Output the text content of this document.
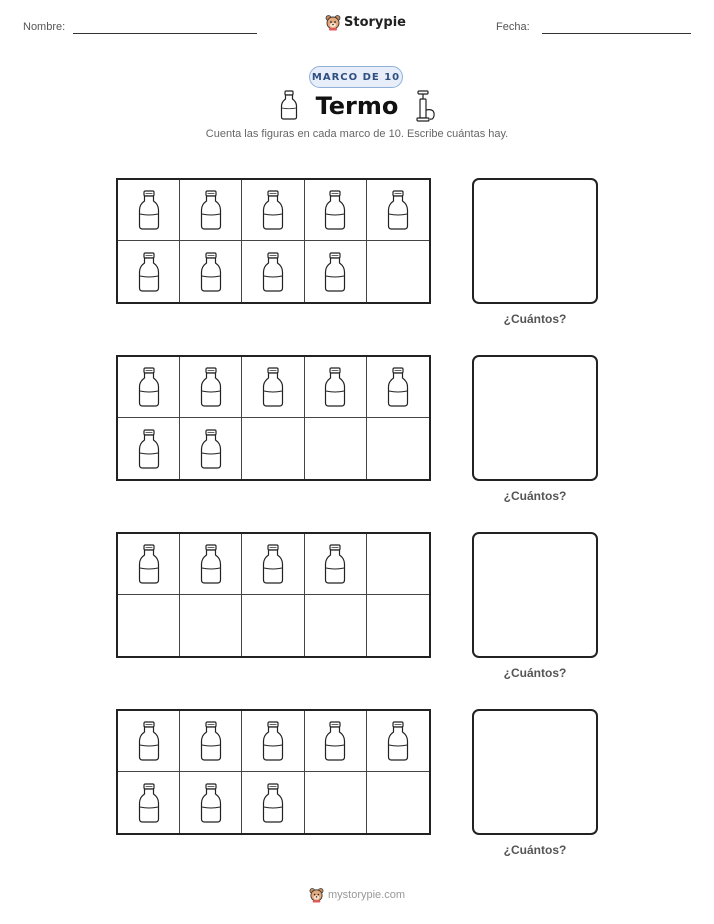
Nombre:	Storypie	Fecha:
MARCO DE 10
Termo
Cuenta las figuras en cada marco de 10. Escribe cuántas hay.
¿Cuántos?
¿Cuántos?
¿Cuántos?
¿Cuántos?
mystorypie.com
